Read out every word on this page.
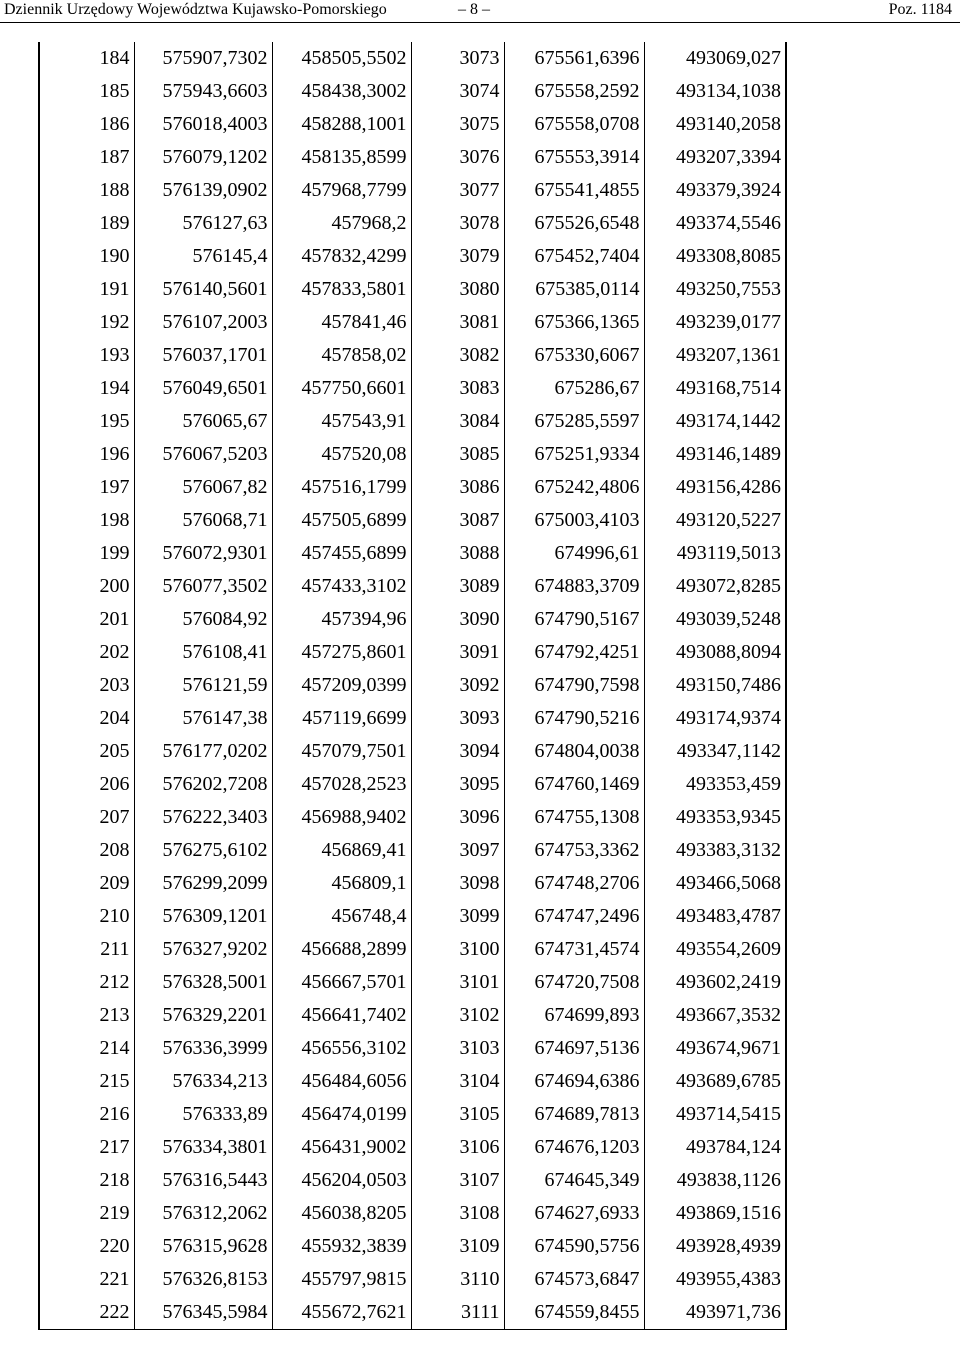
Dziennik Urzędowy Województwa Kujawsko-Pomorskiego	– 8 –	Poz. 1184
184	575907,7302	458505,5502	3073	675561,6396	493069,027
185	575943,6603	458438,3002	3074	675558,2592	493134,1038
186	576018,4003	458288,1001	3075	675558,0708	493140,2058
187	576079,1202	458135,8599	3076	675553,3914	493207,3394
188	576139,0902	457968,7799	3077	675541,4855	493379,3924
189	576127,63	457968,2	3078	675526,6548	493374,5546
190	576145,4	457832,4299	3079	675452,7404	493308,8085
191	576140,5601	457833,5801	3080	675385,0114	493250,7553
192	576107,2003	457841,46	3081	675366,1365	493239,0177
193	576037,1701	457858,02	3082	675330,6067	493207,1361
194	576049,6501	457750,6601	3083	675286,67	493168,7514
195	576065,67	457543,91	3084	675285,5597	493174,1442
196	576067,5203	457520,08	3085	675251,9334	493146,1489
197	576067,82	457516,1799	3086	675242,4806	493156,4286
198	576068,71	457505,6899	3087	675003,4103	493120,5227
199	576072,9301	457455,6899	3088	674996,61	493119,5013
200	576077,3502	457433,3102	3089	674883,3709	493072,8285
201	576084,92	457394,96	3090	674790,5167	493039,5248
202	576108,41	457275,8601	3091	674792,4251	493088,8094
203	576121,59	457209,0399	3092	674790,7598	493150,7486
204	576147,38	457119,6699	3093	674790,5216	493174,9374
205	576177,0202	457079,7501	3094	674804,0038	493347,1142
206	576202,7208	457028,2523	3095	674760,1469	493353,459
207	576222,3403	456988,9402	3096	674755,1308	493353,9345
208	576275,6102	456869,41	3097	674753,3362	493383,3132
209	576299,2099	456809,1	3098	674748,2706	493466,5068
210	576309,1201	456748,4	3099	674747,2496	493483,4787
211	576327,9202	456688,2899	3100	674731,4574	493554,2609
212	576328,5001	456667,5701	3101	674720,7508	493602,2419
213	576329,2201	456641,7402	3102	674699,893	493667,3532
214	576336,3999	456556,3102	3103	674697,5136	493674,9671
215	576334,213	456484,6056	3104	674694,6386	493689,6785
216	576333,89	456474,0199	3105	674689,7813	493714,5415
217	576334,3801	456431,9002	3106	674676,1203	493784,124
218	576316,5443	456204,0503	3107	674645,349	493838,1126
219	576312,2062	456038,8205	3108	674627,6933	493869,1516
220	576315,9628	455932,3839	3109	674590,5756	493928,4939
221	576326,8153	455797,9815	3110	674573,6847	493955,4383
222	576345,5984	455672,7621	3111	674559,8455	493971,736
